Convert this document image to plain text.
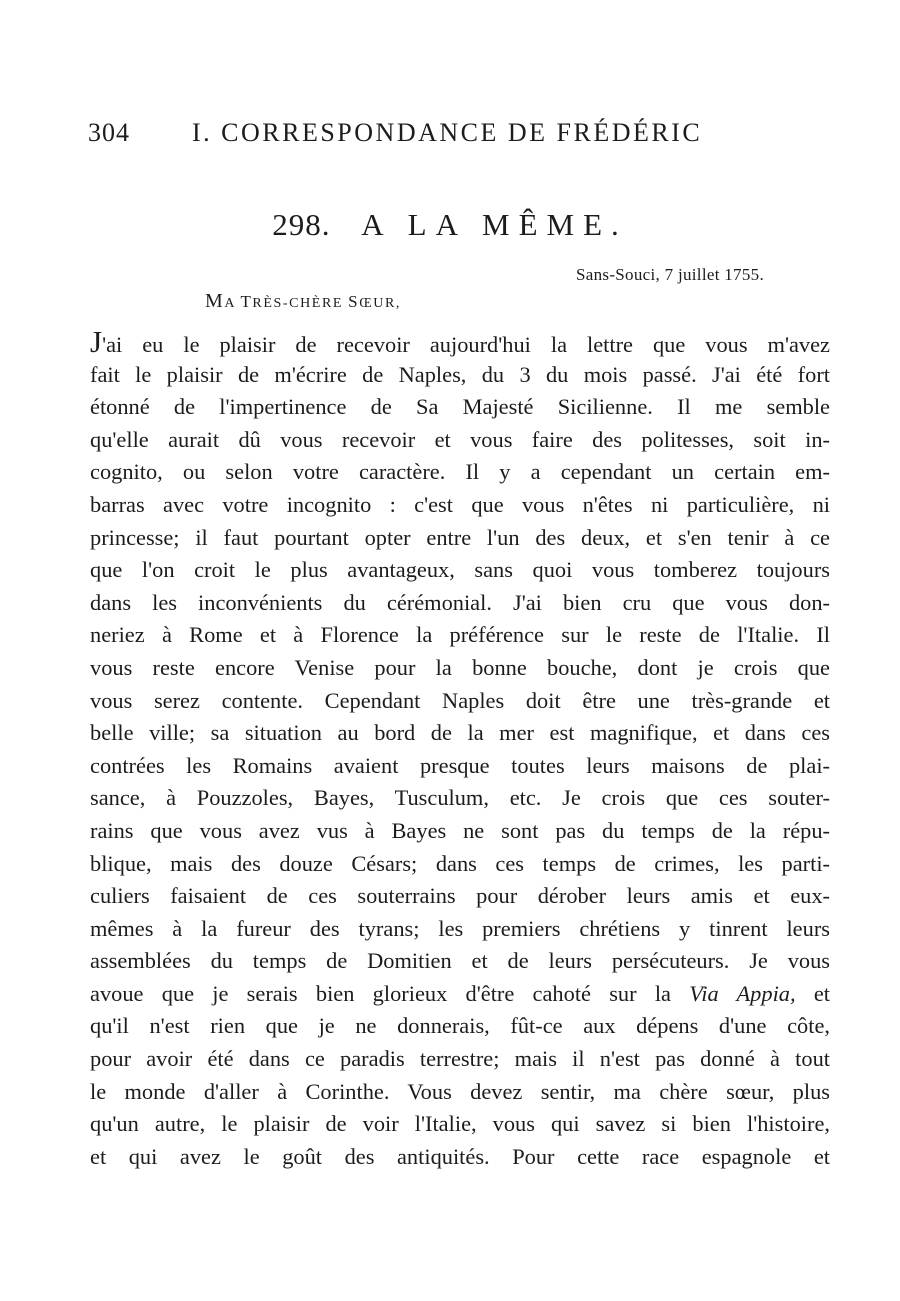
304 I. CORRESPONDANCE DE FRÉDÉRIC
298. A LA MÊME.
Sans-Souci, 7 juillet 1755.
MA TRÈS-CHÈRE SŒUR,
J'ai eu le plaisir de recevoir aujourd'hui la lettre que vous m'avez
fait le plaisir de m'écrire de Naples, du 3 du mois passé. J'ai été fort
étonné de l'impertinence de Sa Majesté Sicilienne. Il me semble
qu'elle aurait dû vous recevoir et vous faire des politesses, soit in-
cognito, ou selon votre caractère. Il y a cependant un certain em-
barras avec votre incognito : c'est que vous n'êtes ni particulière, ni
princesse; il faut pourtant opter entre l'un des deux, et s'en tenir à ce
que l'on croit le plus avantageux, sans quoi vous tomberez toujours
dans les inconvénients du cérémonial. J'ai bien cru que vous don-
neriez à Rome et à Florence la préférence sur le reste de l'Italie. Il
vous reste encore Venise pour la bonne bouche, dont je crois que
vous serez contente. Cependant Naples doit être une très-grande et
belle ville; sa situation au bord de la mer est magnifique, et dans ces
contrées les Romains avaient presque toutes leurs maisons de plai-
sance, à Pouzzoles, Bayes, Tusculum, etc. Je crois que ces souter-
rains que vous avez vus à Bayes ne sont pas du temps de la répu-
blique, mais des douze Césars; dans ces temps de crimes, les parti-
culiers faisaient de ces souterrains pour dérober leurs amis et eux-
mêmes à la fureur des tyrans; les premiers chrétiens y tinrent leurs
assemblées du temps de Domitien et de leurs persécuteurs. Je vous
avoue que je serais bien glorieux d'être cahoté sur la Via Appia, et
qu'il n'est rien que je ne donnerais, fût-ce aux dépens d'une côte,
pour avoir été dans ce paradis terrestre; mais il n'est pas donné à tout
le monde d'aller à Corinthe. Vous devez sentir, ma chère sœur, plus
qu'un autre, le plaisir de voir l'Italie, vous qui savez si bien l'histoire,
et qui avez le goût des antiquités. Pour cette race espagnole et
